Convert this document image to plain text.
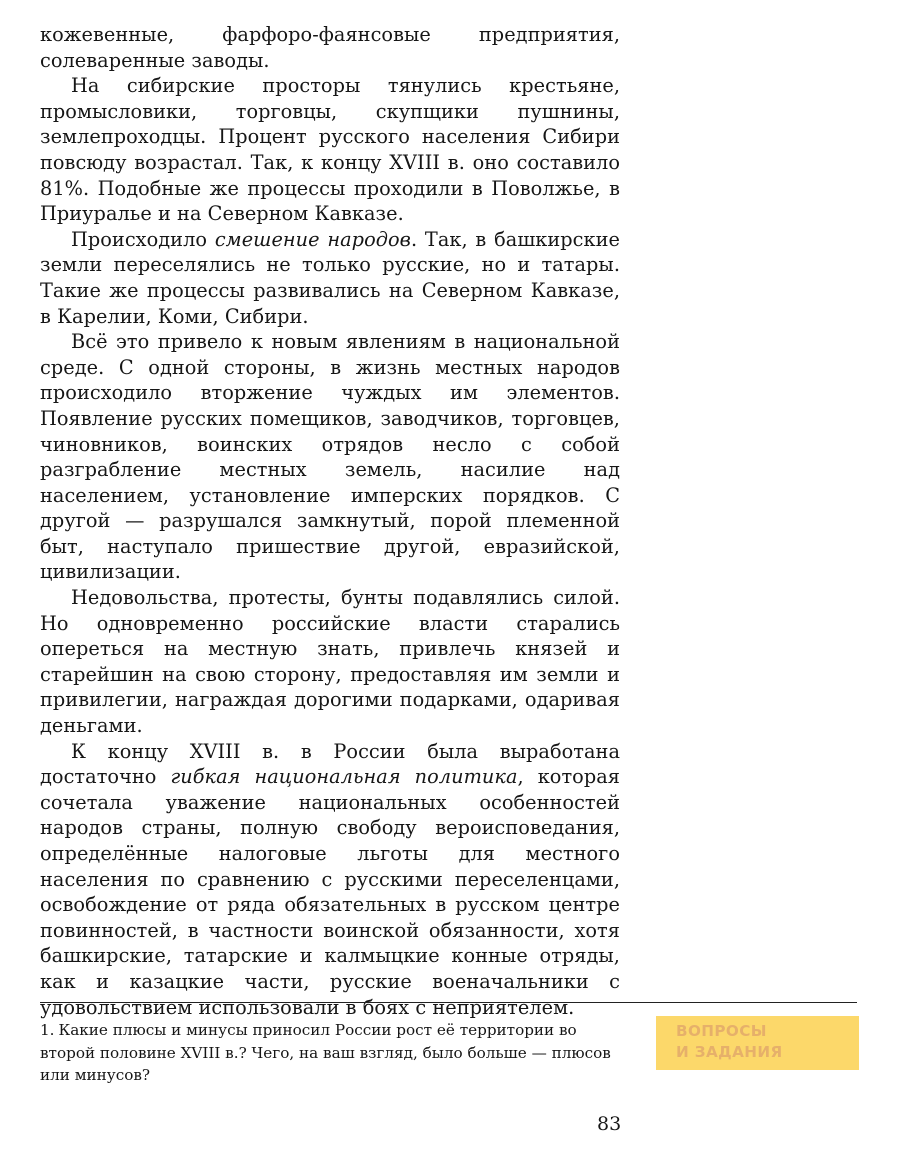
кожевенные, фарфоро-фаянсовые предприятия, солеваренные заводы.

На сибирские просторы тянулись крестьяне, промысловики, торговцы, скупщики пушнины, землепроходцы. Процент русского населения Сибири повсюду возрастал. Так, к концу XVIII в. оно составило 81%. Подобные же процессы проходили в Поволжье, в Приуралье и на Северном Кавказе.

Происходило смешение народов. Так, в башкирские земли переселялись не только русские, но и татары. Такие же процессы развивались на Северном Кавказе, в Карелии, Коми, Сибири.

Всё это привело к новым явлениям в национальной среде. С одной стороны, в жизнь местных народов происходило вторжение чуждых им элементов. Появление русских помещиков, заводчиков, торговцев, чиновников, воинских отрядов несло с собой разграбление местных земель, насилие над населением, установление имперских порядков. С другой — разрушался замкнутый, порой племенной быт, наступало пришествие другой, евразийской, цивилизации.

Недовольства, протесты, бунты подавлялись силой. Но одновременно российские власти старались опереться на местную знать, привлечь князей и старейшин на свою сторону, предоставляя им земли и привилегии, награждая дорогими подарками, одаривая деньгами.

К концу XVIII в. в России была выработана достаточно гибкая национальная политика, которая сочетала уважение национальных особенностей народов страны, полную свободу вероисповедания, определённые налоговые льготы для местного населения по сравнению с русскими переселенцами, освобождение от ряда обязательных в русском центре повинностей, в частности воинской обязанности, хотя башкирские, татарские и калмыцкие конные отряды, как и казацкие части, русские военачальники с удовольствием использовали в боях с неприятелем.

1. Какие плюсы и минусы приносил России рост её территории во второй половине XVIII в.? Чего, на ваш взгляд, было больше — плюсов или минусов?
ВОПРОСЫ
И ЗАДАНИЯ
83
